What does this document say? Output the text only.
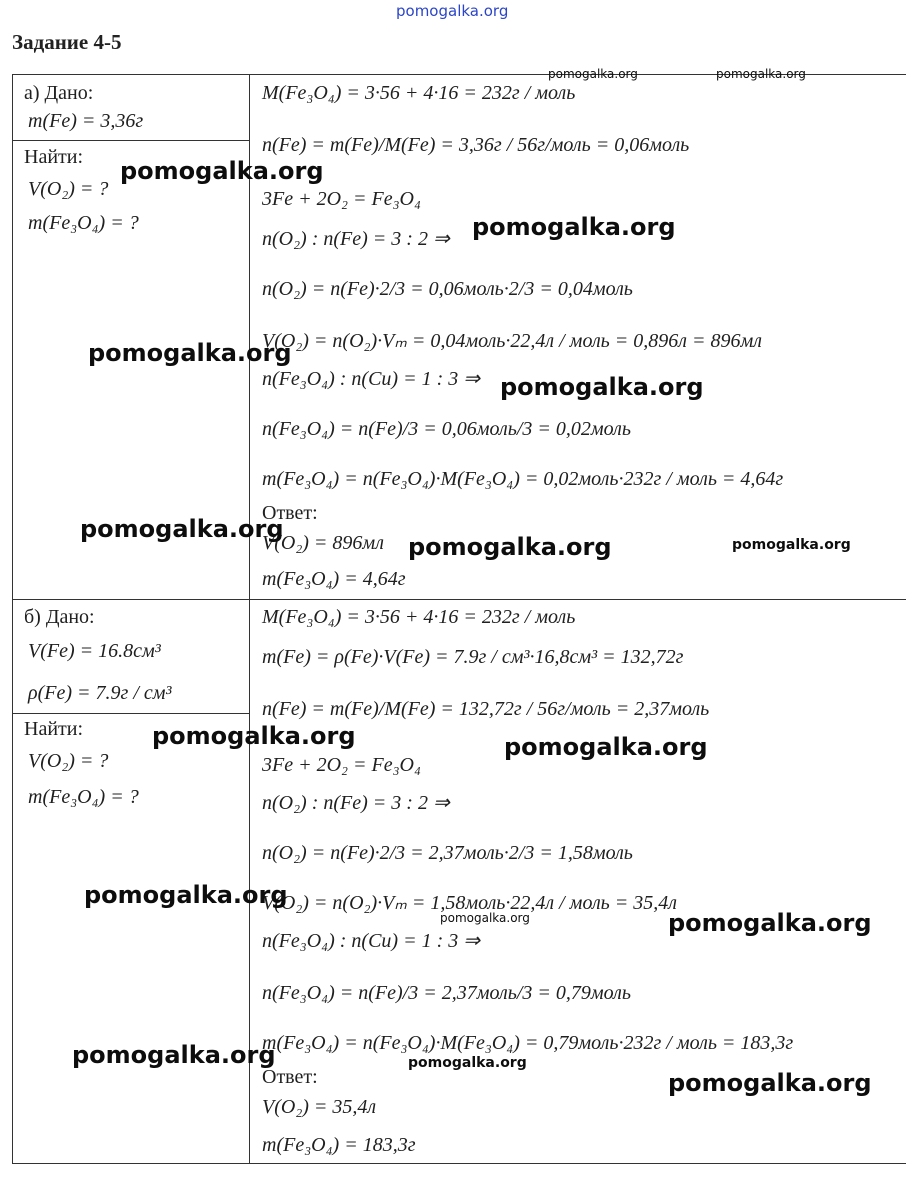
pomogalka.org
Задание 4-5
а) Дано:
m(Fe) = 3,36г
Найти:
V(O₂) = ?
m(Fe₃O₄) = ?
M(Fe₃O₄) = 3·56 + 4·16 = 232г / моль
n(Fe) = m(Fe)/M(Fe) = 3,36г / 56г/моль = 0,06моль
3Fe + 2O₂ = Fe₃O₄
n(O₂) : n(Fe) = 3 : 2 ⇒
n(O₂) = n(Fe)·2/3 = 0,06моль·2/3 = 0,04моль
V(O₂) = n(O₂)·Vₘ = 0,04моль·22,4л / моль = 0,896л = 896мл
n(Fe₃O₄) : n(Cu) = 1 : 3 ⇒
n(Fe₃O₄) = n(Fe)/3 = 0,06моль/3 = 0,02моль
m(Fe₃O₄) = n(Fe₃O₄)·M(Fe₃O₄) = 0,02моль·232г / моль = 4,64г
Ответ:
V(O₂) = 896мл
m(Fe₃O₄) = 4,64г
б) Дано:
V(Fe) = 16.8см³
ρ(Fe) = 7.9г / см³
Найти:
V(O₂) = ?
m(Fe₃O₄) = ?
M(Fe₃O₄) = 3·56 + 4·16 = 232г / моль
m(Fe) = ρ(Fe)·V(Fe) = 7.9г / см³·16,8см³ = 132,72г
n(Fe) = m(Fe)/M(Fe) = 132,72г / 56г/моль = 2,37моль
3Fe + 2O₂ = Fe₃O₄
n(O₂) : n(Fe) = 3 : 2 ⇒
n(O₂) = n(Fe)·2/3 = 2,37моль·2/3 = 1,58моль
V(O₂) = n(O₂)·Vₘ = 1,58моль·22,4л / моль = 35,4л
n(Fe₃O₄) : n(Cu) = 1 : 3 ⇒
n(Fe₃O₄) = n(Fe)/3 = 2,37моль/3 = 0,79моль
m(Fe₃O₄) = n(Fe₃O₄)·M(Fe₃O₄) = 0,79моль·232г / моль = 183,3г
Ответ:
V(O₂) = 35,4л
m(Fe₃O₄) = 183,3г
pomogalka.org	pomogalka.org
pomogalka.org
pomogalka.org
pomogalka.org
pomogalka.org
pomogalka.org
pomogalka.org	pomogalka.org
pomogalka.org	pomogalka.org
pomogalka.org
pomogalka.org	pomogalka.org
pomogalka.org	pomogalka.org
pomogalka.org
